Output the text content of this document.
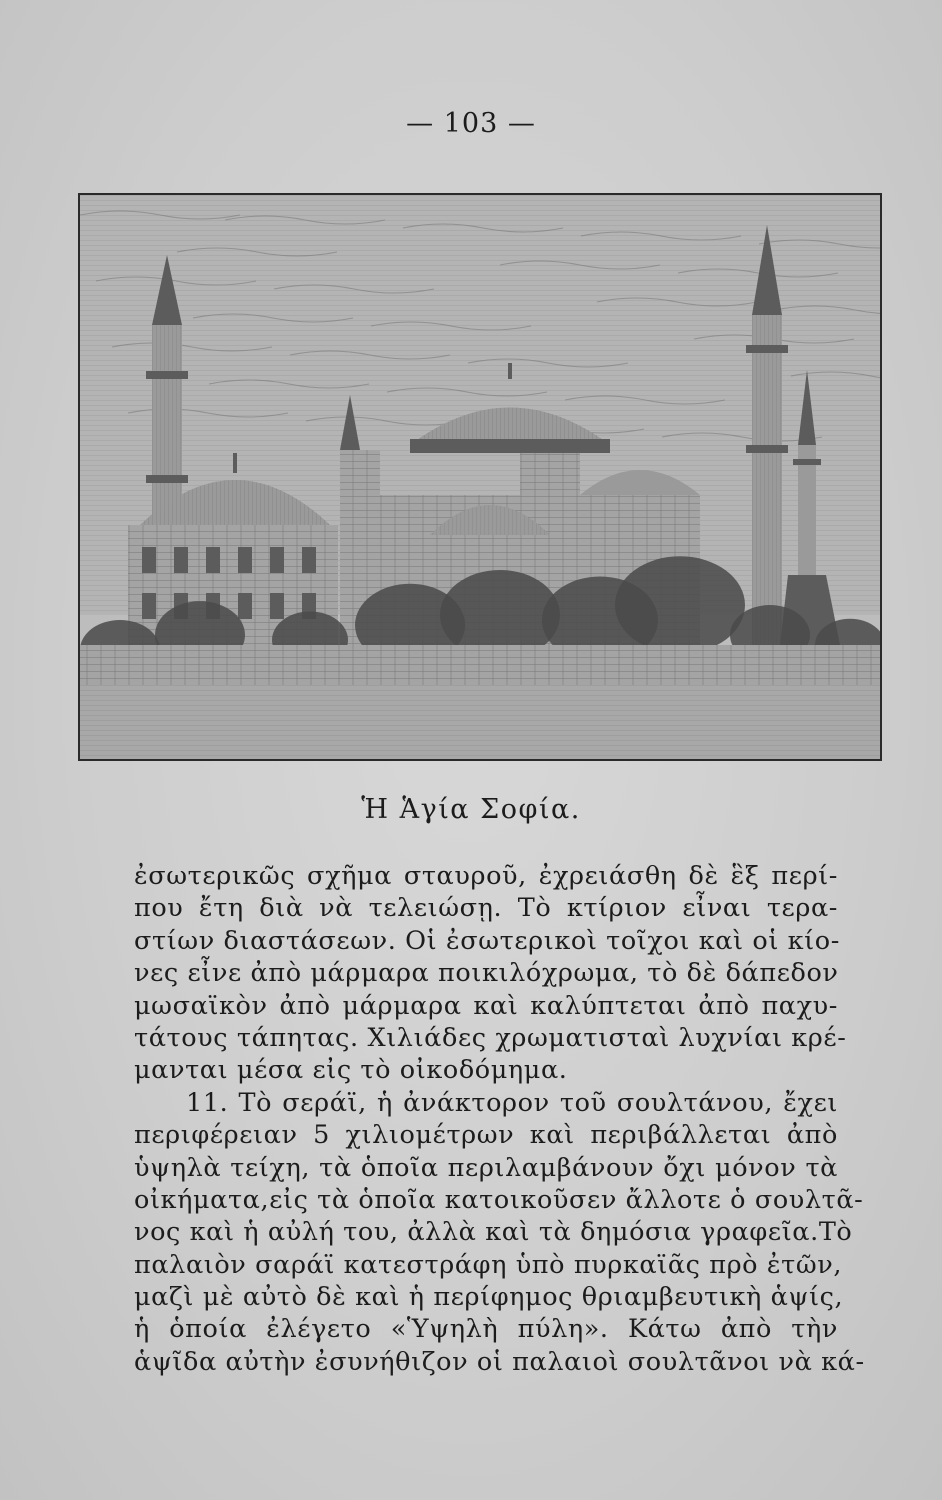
— 103 —
Ἡ Ἁγία Σοφία.
ἐσωτερικῶς σχῆμα σταυροῦ, ἐχρειάσθη δὲ ἓξ περί-
που ἔτη διὰ νὰ τελειώσῃ. Τὸ κτίριον εἶναι τερα-
στίων διαστάσεων. Οἱ ἐσωτερικοὶ τοῖχοι καὶ οἱ κίο-
νες εἶνε ἀπὸ μάρμαρα ποικιλόχρωμα, τὸ δὲ δάπεδον
μωσαϊκὸν ἀπὸ μάρμαρα καὶ καλύπτεται ἀπὸ παχυ-
τάτους τάπητας. Χιλιάδες χρωματισταὶ λυχνίαι κρέ-
μανται μέσα εἰς τὸ οἰκοδόμημα.
11. Τὸ σεράϊ, ἡ ἀνάκτορον τοῦ σουλτάνου, ἔχει
περιφέρειαν 5 χιλιομέτρων καὶ περιβάλλεται ἀπὸ
ὑψηλὰ τείχη, τὰ ὁποῖα περιλαμβάνουν ὄχι μόνον τὰ
οἰκήματα,εἰς τὰ ὁποῖα κατοικοῦσεν ἄλλοτε ὁ σουλτᾶ-
νος καὶ ἡ αὐλή του, ἀλλὰ καὶ τὰ δημόσια γραφεῖα.Τὸ
παλαιὸν σαράϊ κατεστράφη ὑπὸ πυρκαϊᾶς πρὸ ἐτῶν,
μαζὶ μὲ αὐτὸ δὲ καὶ ἡ περίφημος θριαμβευτικὴ ἁψίς,
ἡ ὁποία ἐλέγετο «Ὑψηλὴ πύλη». Κάτω ἀπὸ τὴν
ἁψῖδα αὐτὴν ἐσυνήθιζον οἱ παλαιοὶ σουλτᾶνοι νὰ κά-
